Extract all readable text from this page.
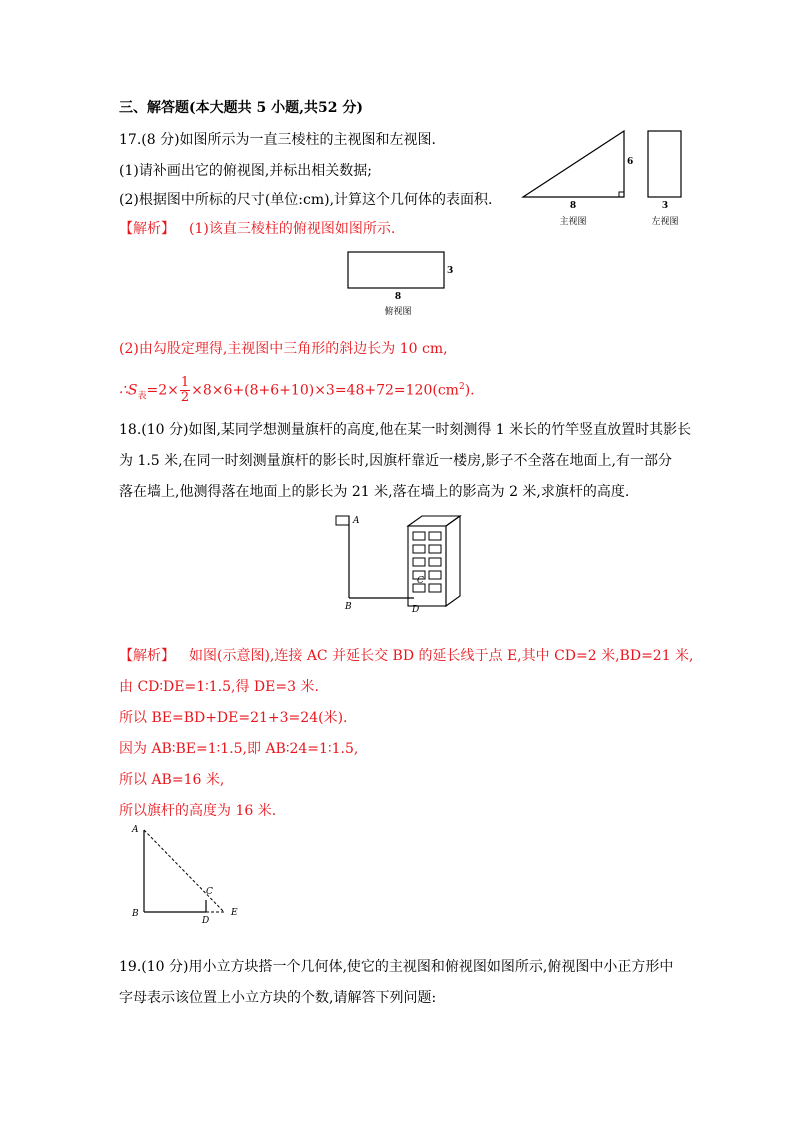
三、解答题(本大题共 5 小题,共52 分)
17.(8 分)如图所示为一直三棱柱的主视图和左视图.
(1)请补画出它的俯视图,并标出相关数据;
(2)根据图中所标的尺寸(单位:cm),计算这个几何体的表面积.
6
8
主视图
3
左视图
【解析】 (1)该直三棱柱的俯视图如图所示.
3
8
俯视图
(2)由勾股定理得,主视图中三角形的斜边长为 10 cm,
$\therefore S_表=2\times \frac{1}{2} \times 8\times 6+(8+6+10)\times 3=48+72=120(cm^2)$.
18.(10 分)如图,某同学想测量旗杆的高度,他在某一时刻测得 1 米长的竹竿竖直放置时其影长
为 1.5 米,在同一时刻测量旗杆的影长时,因旗杆靠近一楼房,影子不全落在地面上,有一部分
落在墙上,他测得落在地面上的影长为 21 米,落在墙上的影高为 2 米,求旗杆的高度.
A
B
C
D
【解析】 如图(示意图),连接 AC 并延长交 BD 的延长线于点 E,其中 CD=2 米,BD=21 米,
由 CD∶DE=1∶1.5,得 DE=3 米.
所以 BE=BD+DE=21+3=24(米).
因为 AB∶BE=1∶1.5,即 AB∶24=1∶1.5,
所以 AB=16 米,
所以旗杆的高度为 16 米.
A
B
C
D
E
19.(10 分)用小立方块搭一个几何体,使它的主视图和俯视图如图所示,俯视图中小正方形中
字母表示该位置上小立方块的个数,请解答下列问题:
